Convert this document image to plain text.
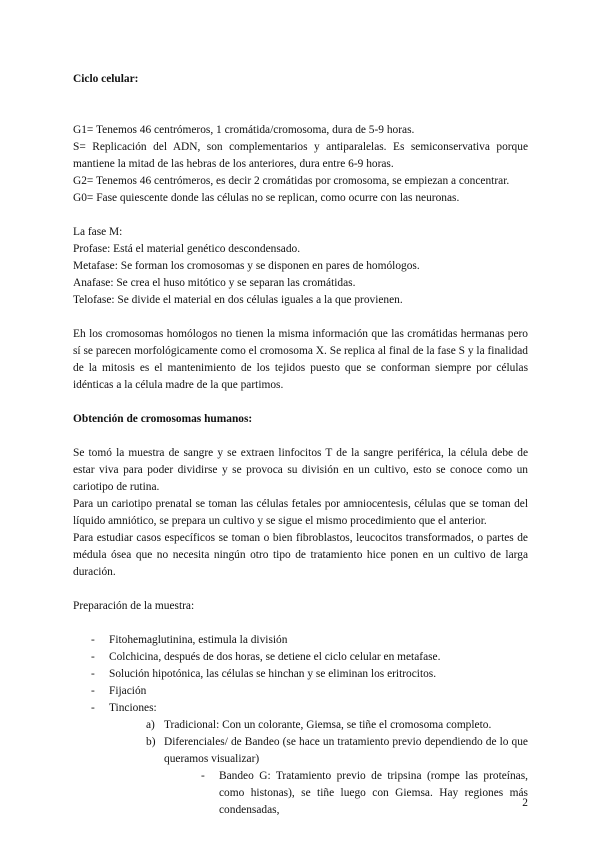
Ciclo celular:

G1= Tenemos 46 centrómeros, 1 cromátida/cromosoma, dura de 5-9 horas.

S= Replicación del ADN, son complementarios y antiparalelas. Es semiconservativa porque mantiene la mitad de las hebras de los anteriores, dura entre 6-9 horas.

G2= Tenemos 46 centrómeros, es decir 2 cromátidas por cromosoma, se empiezan a concentrar.

G0= Fase quiescente donde las células no se replican, como ocurre con las neuronas.

La fase M:

Profase: Está el material genético descondensado.

Metafase: Se forman los cromosomas y se disponen en pares de homólogos.

Anafase: Se crea el huso mitótico y se separan las cromátidas.

Telofase: Se divide el material en dos células iguales a la que provienen.

Eh los cromosomas homólogos no tienen la misma información que las cromátidas hermanas pero sí se parecen morfológicamente como el cromosoma X. Se replica al final de la fase S y la finalidad de la mitosis es el mantenimiento de los tejidos puesto que se conforman siempre por células idénticas a la célula madre de la que partimos.

Obtención de cromosomas humanos:

Se tomó la muestra de sangre y se extraen linfocitos T de la sangre periférica, la célula debe de estar viva para poder dividirse y se provoca su división en un cultivo, esto se conoce como un cariotipo de rutina.

Para un cariotipo prenatal se toman las células fetales por amniocentesis, células que se toman del líquido amniótico, se prepara un cultivo y se sigue el mismo procedimiento que el anterior.

Para estudiar casos específicos se toman o bien fibroblastos, leucocitos transformados, o partes de médula ósea que no necesita ningún otro tipo de tratamiento hice ponen en un cultivo de larga duración.

Preparación de la muestra:

- Fitohemaglutinina, estimula la división
- Colchicina, después de dos horas, se detiene el ciclo celular en metafase.
- Solución hipotónica, las células se hinchan y se eliminan los eritrocitos.
- Fijación
- Tinciones:
a) Tradicional: Con un colorante, Giemsa, se tiñe el cromosoma completo.
b) Diferenciales/ de Bandeo (se hace un tratamiento previo dependiendo de lo que queramos visualizar)
- Bandeo G: Tratamiento previo de tripsina (rompe las proteínas, como histonas), se tiñe luego con Giemsa. Hay regiones más condensadas,
2
